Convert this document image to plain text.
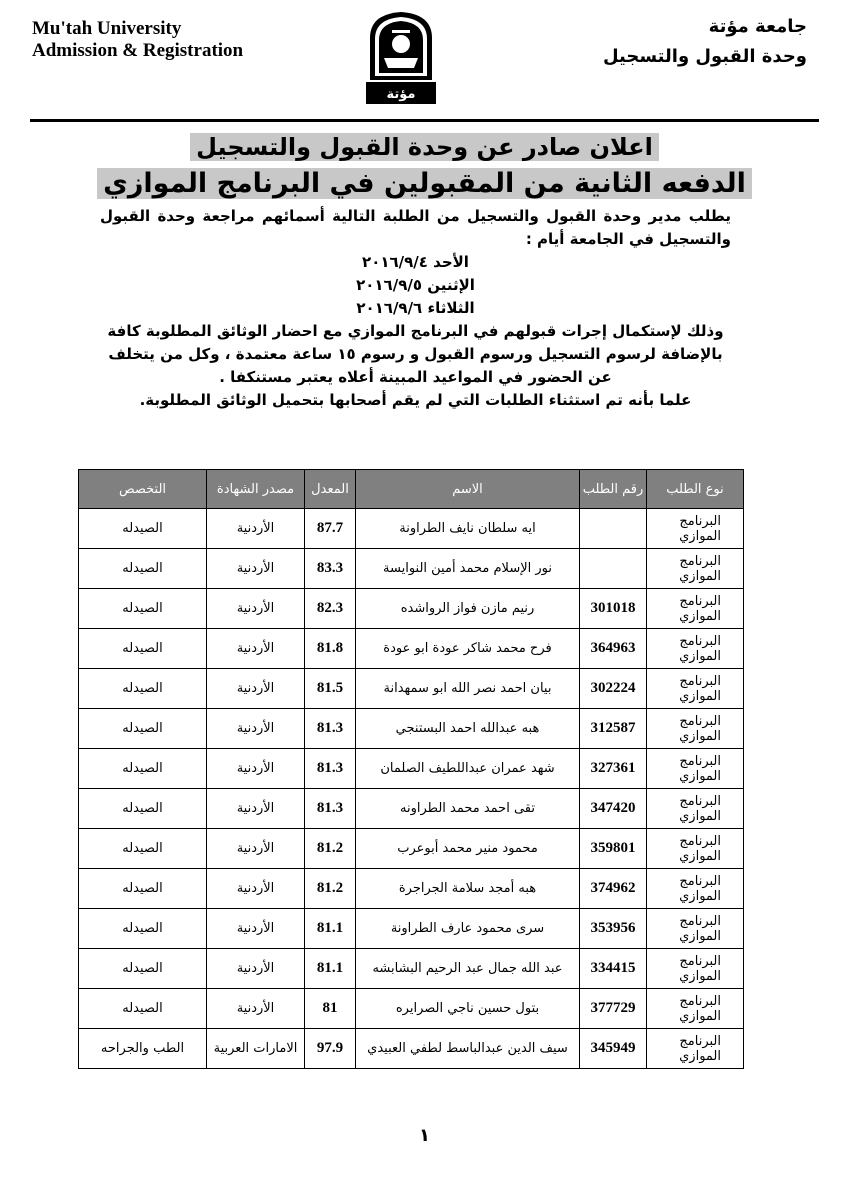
Mu'tah University
Admission & Registration
مؤتة
جامعة مؤتة
وحدة القبول والتسجيل
اعلان صادر عن وحدة القبول والتسجيل
الدفعه الثانية من المقبولين في البرنامج الموازي

يطلب مدير وحدة القبول والتسجيل من الطلبة التالية أسمائهم مراجعة وحدة القبول والتسجيل في الجامعة أيام :

الأحد ٢٠١٦/٩/٤

الإثنين ٢٠١٦/٩/٥

الثلاثاء ٢٠١٦/٩/٦

وذلك لإستكمال إجرات قبولهم في البرنامج الموازي مع احضار الوثائق المطلوبة كافة بالإضافة لرسوم التسجيل ورسوم القبول و رسوم ١٥ ساعة معتمدة ، وكل من يتخلف عن الحضور في المواعيد المبينة أعلاه يعتبر مستنكفا .

علما بأنه تم استثناء الطلبات التي لم يقم أصحابها بتحميل الوثائق المطلوبة.

نوع الطلب	رقم الطلب	الاسم	المعدل	مصدر الشهادة	التخصص
البرنامج الموازي		ايه سلطان نايف الطراونة	87.7	الأردنية	الصيدله
البرنامج الموازي		نور الإسلام محمد أمين النوايسة	83.3	الأردنية	الصيدله
البرنامج الموازي	301018	رنيم مازن فواز الرواشده	82.3	الأردنية	الصيدله
البرنامج الموازي	364963	فرح محمد شاكر عودة ابو عودة	81.8	الأردنية	الصيدله
البرنامج الموازي	302224	بيان احمد نصر الله ابو سمهدانة	81.5	الأردنية	الصيدله
البرنامج الموازي	312587	هبه عبدالله احمد البستنجي	81.3	الأردنية	الصيدله
البرنامج الموازي	327361	شهد عمران عبداللطيف الصلمان	81.3	الأردنية	الصيدله
البرنامج الموازي	347420	تقى احمد محمد الطراونه	81.3	الأردنية	الصيدله
البرنامج الموازي	359801	محمود منير محمد أبوعرب	81.2	الأردنية	الصيدله
البرنامج الموازي	374962	هبه أمجد سلامة الجراجرة	81.2	الأردنية	الصيدله
البرنامج الموازي	353956	سرى محمود عارف الطراونة	81.1	الأردنية	الصيدله
البرنامج الموازي	334415	عبد الله جمال عبد الرحيم البشابشه	81.1	الأردنية	الصيدله
البرنامج الموازي	377729	بتول حسين ناجي الصرايره	81	الأردنية	الصيدله
البرنامج الموازي	345949	سيف الدين عبدالباسط لطفي العبيدي	97.9	الامارات العربية	الطب والجراحه
١
